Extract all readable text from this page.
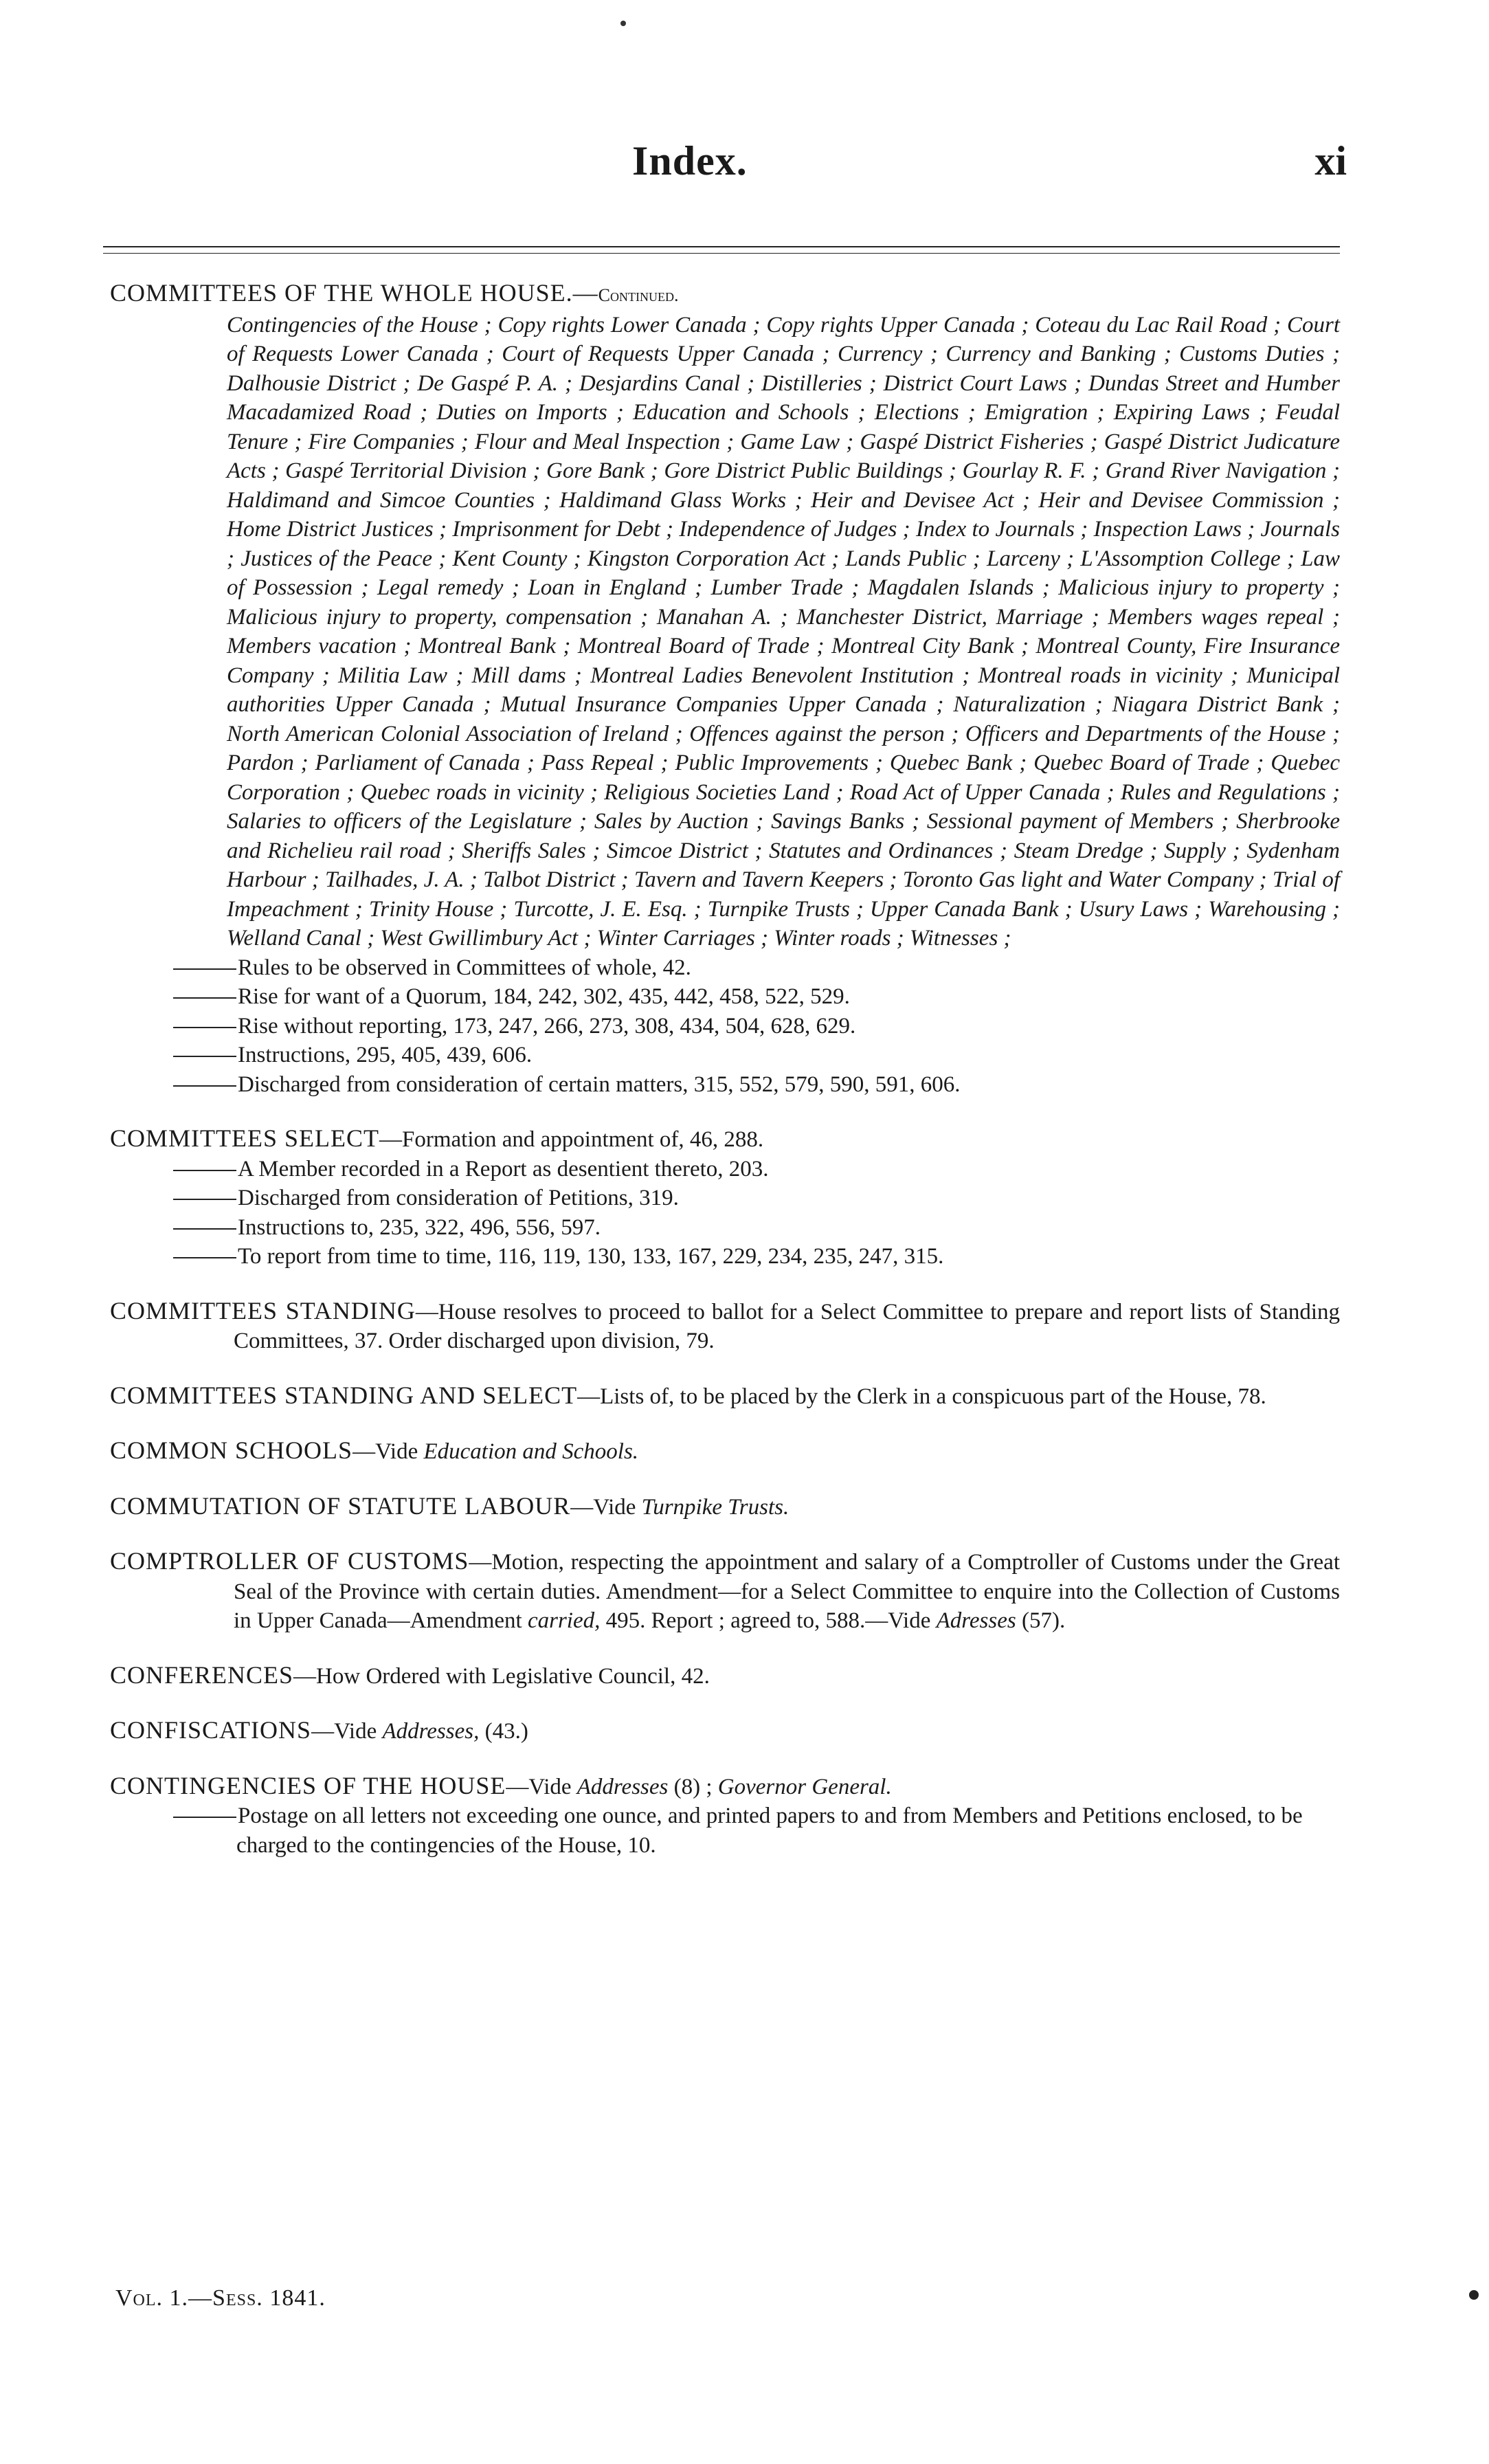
Index.	xi
COMMITTEES OF THE WHOLE HOUSE.—Continued.
Contingencies of the House ; Copy rights Lower Canada ; Copy rights Upper Canada ; Coteau du Lac Rail Road ; Court of Requests Lower Canada ; Court of Requests Upper Canada ; Currency ; Currency and Banking ; Customs Duties ; Dalhousie District ; De Gaspé P. A. ; Desjardins Canal ; Distilleries ; District Court Laws ; Dundas Street and Humber Macadamized Road ; Duties on Imports ; Education and Schools ; Elections ; Emigration ; Expiring Laws ; Feudal Tenure ; Fire Companies ; Flour and Meal Inspection ; Game Law ; Gaspé District Fisheries ; Gaspé District Judicature Acts ; Gaspé Territorial Division ; Gore Bank ; Gore District Public Buildings ; Gourlay R. F. ; Grand River Navigation ; Haldimand and Simcoe Counties ; Haldimand Glass Works ; Heir and Devisee Act ; Heir and Devisee Commission ; Home District Justices ; Imprisonment for Debt ; Independence of Judges ; Index to Journals ; Inspection Laws ; Journals ; Justices of the Peace ; Kent County ; Kingston Corporation Act ; Lands Public ; Larceny ; L'Assomption College ; Law of Possession ; Legal remedy ; Loan in England ; Lumber Trade ; Magdalen Islands ; Malicious injury to property ; Malicious injury to property, compensation ; Manahan A. ; Manchester District, Marriage ; Members wages repeal ; Members vacation ; Montreal Bank ; Montreal Board of Trade ; Montreal City Bank ; Montreal County, Fire Insurance Company ; Militia Law ; Mill dams ; Montreal Ladies Benevolent Institution ; Montreal roads in vicinity ; Municipal authorities Upper Canada ; Mutual Insurance Companies Upper Canada ; Naturalization ; Niagara District Bank ; North American Colonial Association of Ireland ; Offences against the person ; Officers and Departments of the House ; Pardon ; Parliament of Canada ; Pass Repeal ; Public Improvements ; Quebec Bank ; Quebec Board of Trade ; Quebec Corporation ; Quebec roads in vicinity ; Religious Societies Land ; Road Act of Upper Canada ; Rules and Regulations ; Salaries to officers of the Legislature ; Sales by Auction ; Savings Banks ; Sessional payment of Members ; Sherbrooke and Richelieu rail road ; Sheriffs Sales ; Simcoe District ; Statutes and Ordinances ; Steam Dredge ; Supply ; Sydenham Harbour ; Tailhades, J. A. ; Talbot District ; Tavern and Tavern Keepers ; Toronto Gas light and Water Company ; Trial of Impeachment ; Trinity House ; Turcotte, J. E. Esq. ; Turnpike Trusts ; Upper Canada Bank ; Usury Laws ; Warehousing ; Welland Canal ; West Gwillimbury Act ; Winter Carriages ; Winter roads ; Witnesses ;
Rules to be observed in Committees of whole, 42.
Rise for want of a Quorum, 184, 242, 302, 435, 442, 458, 522, 529.
Rise without reporting, 173, 247, 266, 273, 308, 434, 504, 628, 629.
Instructions, 295, 405, 439, 606.
Discharged from consideration of certain matters, 315, 552, 579, 590, 591, 606.
COMMITTEES SELECT—Formation and appointment of, 46, 288.
A Member recorded in a Report as desentient thereto, 203.
Discharged from consideration of Petitions, 319.
Instructions to, 235, 322, 496, 556, 597.
To report from time to time, 116, 119, 130, 133, 167, 229, 234, 235, 247, 315.
COMMITTEES STANDING—House resolves to proceed to ballot for a Select Committee to prepare and report lists of Standing Committees, 37. Order discharged upon division, 79.
COMMITTEES STANDING AND SELECT—Lists of, to be placed by the Clerk in a conspicuous part of the House, 78.
COMMON SCHOOLS—Vide Education and Schools.
COMMUTATION OF STATUTE LABOUR—Vide Turnpike Trusts.
COMPTROLLER OF CUSTOMS—Motion, respecting the appointment and salary of a Comptroller of Customs under the Great Seal of the Province with certain duties. Amendment—for a Select Committee to enquire into the Collection of Customs in Upper Canada—Amendment carried, 495. Report ; agreed to, 588.—Vide Adresses (57).
CONFERENCES—How Ordered with Legislative Council, 42.
CONFISCATIONS—Vide Addresses, (43.)
CONTINGENCIES OF THE HOUSE—Vide Addresses (8) ; Governor General.
Postage on all letters not exceeding one ounce, and printed papers to and from Members and Petitions enclosed, to be charged to the contingencies of the House, 10.
Vol. 1.—Sess. 1841.
